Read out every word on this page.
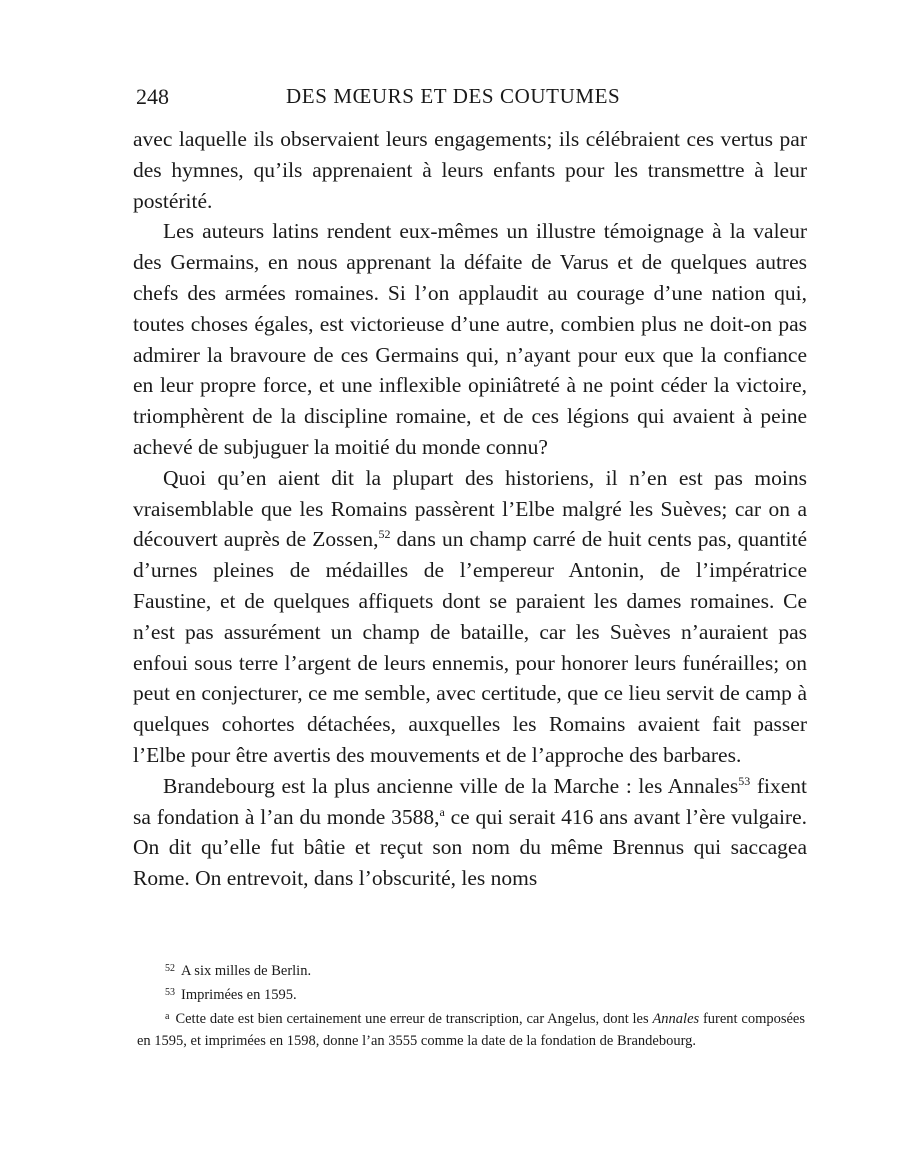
248	DES MŒURS ET DES COUTUMES

avec laquelle ils observaient leurs engagements; ils célébraient ces vertus par des hymnes, qu’ils apprenaient à leurs enfants pour les transmettre à leur postérité.

Les auteurs latins rendent eux-mêmes un illustre témoignage à la valeur des Germains, en nous apprenant la défaite de Varus et de quelques autres chefs des armées romaines. Si l’on applaudit au courage d’une nation qui, toutes choses égales, est victorieuse d’une autre, combien plus ne doit-on pas admirer la bravoure de ces Germains qui, n’ayant pour eux que la confiance en leur propre force, et une inflexible opiniâtreté à ne point céder la victoire, triomphèrent de la discipline romaine, et de ces légions qui avaient à peine achevé de subjuguer la moitié du monde connu?

Quoi qu’en aient dit la plupart des historiens, il n’en est pas moins vraisemblable que les Romains passèrent l’Elbe malgré les Suèves; car on a découvert auprès de Zossen,$^{52}$ dans un champ carré de huit cents pas, quantité d’urnes pleines de médailles de l’empereur Antonin, de l’impératrice Faustine, et de quelques affiquets dont se paraient les dames romaines. Ce n’est pas assurément un champ de bataille, car les Suèves n’auraient pas enfoui sous terre l’argent de leurs ennemis, pour honorer leurs funérailles; on peut en conjecturer, ce me semble, avec certitude, que ce lieu servit de camp à quelques cohortes détachées, auxquelles les Romains avaient fait passer l’Elbe pour être avertis des mouvements et de l’approche des barbares.

Brandebourg est la plus ancienne ville de la Marche : les Annales$^{53}$ fixent sa fondation à l’an du monde 3588,$^a$ ce qui serait 416 ans avant l’ère vulgaire. On dit qu’elle fut bâtie et reçut son nom du même Brennus qui saccagea Rome. On entrevoit, dans l’obscurité, les noms

52 A six milles de Berlin.

53 Imprimées en 1595.

a Cette date est bien certainement une erreur de transcription, car Angelus, dont les Annales furent composées en 1595, et imprimées en 1598, donne l’an 3555 comme la date de la fondation de Brandebourg.
